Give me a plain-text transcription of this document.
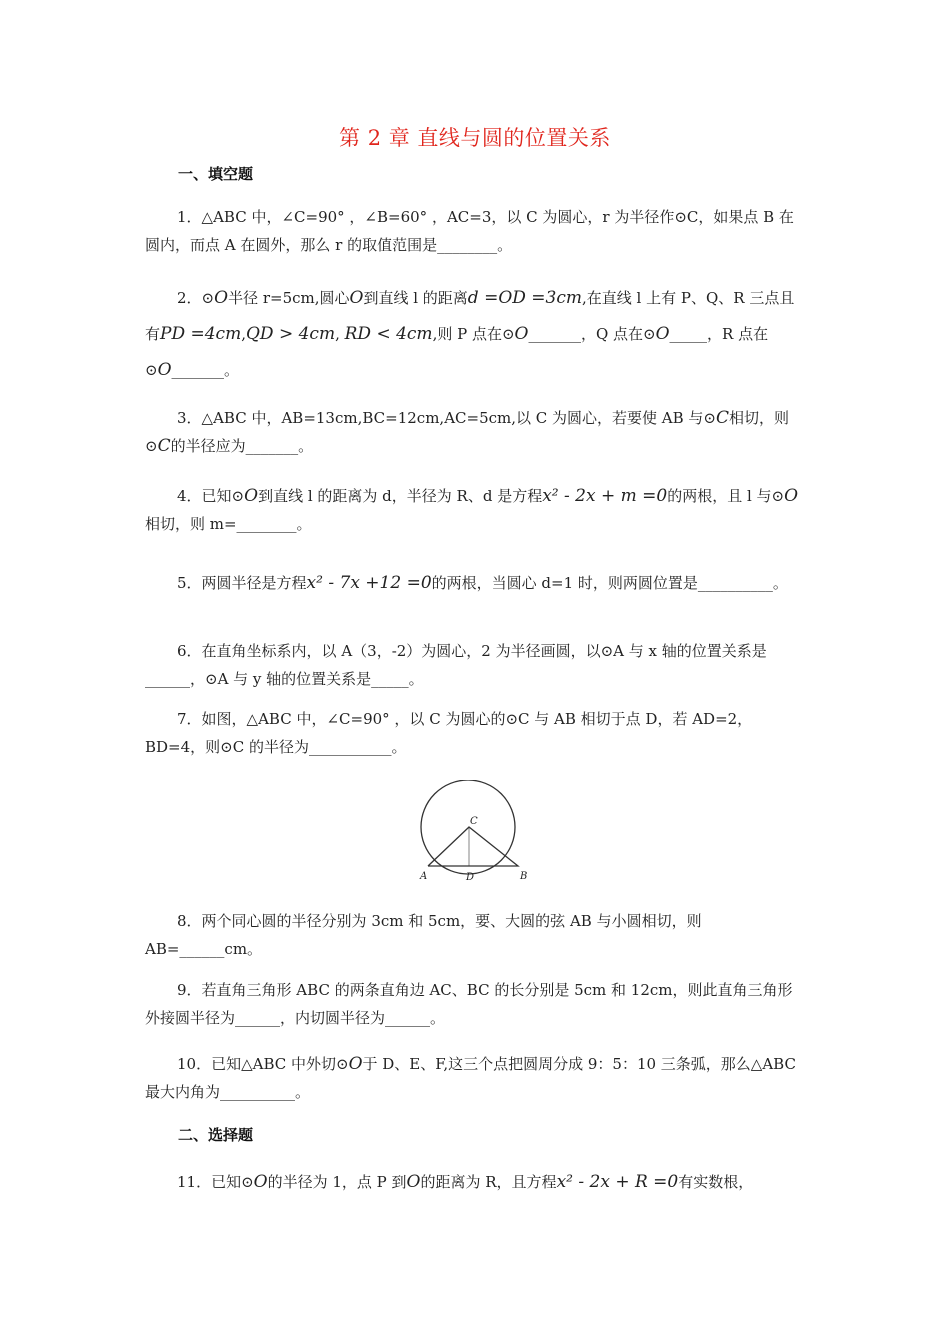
第 2 章 直线与圆的位置关系
一、填空题
1．△ABC 中，∠C=90° ，∠B=60° ，AC=3，以 C 为圆心，r 为半径作⊙C，如果点 B 在圆内，而点 A 在圆外，那么 r 的取值范围是________。
2．⊙O半径 r=5cm,圆心O到直线 l 的距离d =OD =3cm,在直线 l 上有 P、Q、R 三点且有PD =4cm,QD > 4cm, RD < 4cm,则 P 点在⊙O_______，Q 点在⊙O_____，R 点在⊙O_______。
3．△ABC 中，AB=13cm,BC=12cm,AC=5cm,以 C 为圆心，若要使 AB 与⊙C相切，则⊙C的半径应为_______。
4．已知⊙O到直线 l 的距离为 d，半径为 R、d 是方程x² - 2x + m =0的两根，且 l 与⊙O相切，则 m=________。
5．两圆半径是方程x² - 7x +12 =0的两根，当圆心 d=1 时，则两圆位置是__________。
6．在直角坐标系内，以 A（3，-2）为圆心，2 为半径画圆，以⊙A 与 x 轴的位置关系是______，⊙A 与 y 轴的位置关系是_____。
7．如图，△ABC 中，∠C=90° ，以 C 为圆心的⊙C 与 AB 相切于点 D，若 AD=2，BD=4，则⊙C 的半径为___________。
C
A	D	B
8．两个同心圆的半径分别为 3cm 和 5cm，要、大圆的弦 AB 与小圆相切，则AB=______cm。
9．若直角三角形 ABC 的两条直角边 AC、BC 的长分别是 5cm 和 12cm，则此直角三角形外接圆半径为______，内切圆半径为______。
10．已知△ABC 中外切⊙O于 D、E、F,这三个点把圆周分成 9：5：10 三条弧，那么△ABC 最大内角为__________。
二、选择题
11．已知⊙O的半径为 1，点 P 到O的距离为 R，且方程x² - 2x + R =0有实数根，
